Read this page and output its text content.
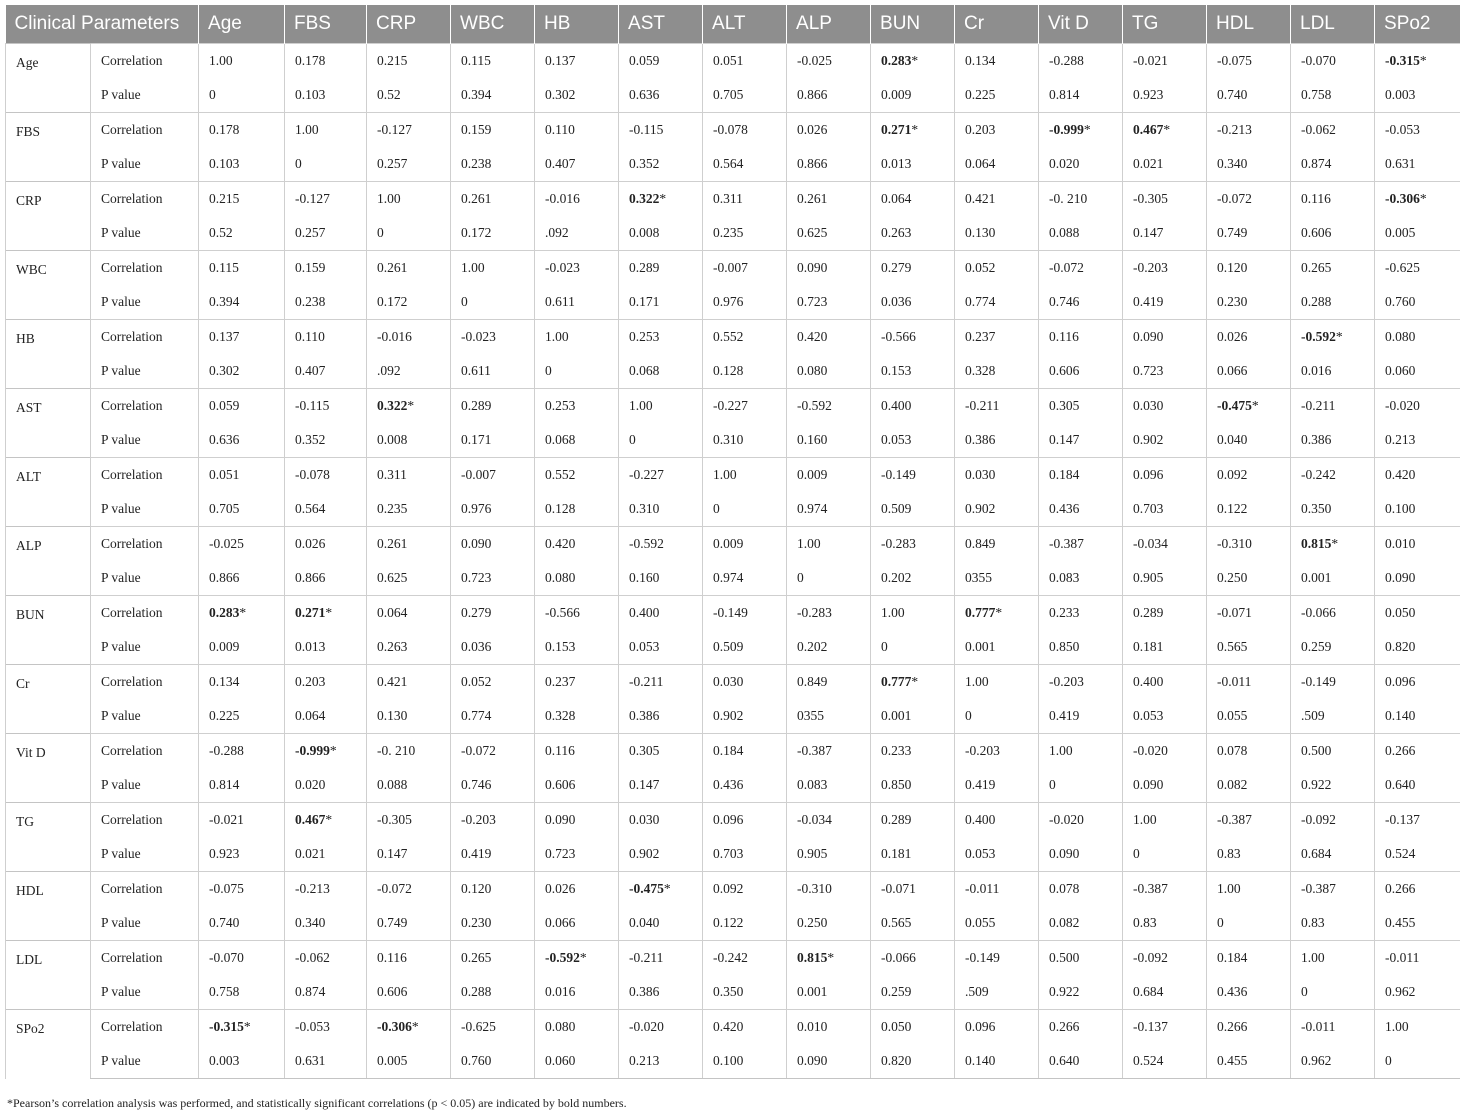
Clinical Parameters		Age	FBS	CRP	WBC	HB	AST	ALT	ALP	BUN	Cr	Vit D	TG	HDL	LDL	SPo2
Age	Correlation	1.00	0.178	0.215	0.115	0.137	0.059	0.051	-0.025	0.283*	0.134	-0.288	-0.021	-0.075	-0.070	-0.315*
	P value	0	0.103	0.52	0.394	0.302	0.636	0.705	0.866	0.009	0.225	0.814	0.923	0.740	0.758	0.003
FBS	Correlation	0.178	1.00	-0.127	0.159	0.110	-0.115	-0.078	0.026	0.271*	0.203	-0.999*	0.467*	-0.213	-0.062	-0.053
	P value	0.103	0	0.257	0.238	0.407	0.352	0.564	0.866	0.013	0.064	0.020	0.021	0.340	0.874	0.631
CRP	Correlation	0.215	-0.127	1.00	0.261	-0.016	0.322*	0.311	0.261	0.064	0.421	-0. 210	-0.305	-0.072	0.116	-0.306*
	P value	0.52	0.257	0	0.172	.092	0.008	0.235	0.625	0.263	0.130	0.088	0.147	0.749	0.606	0.005
WBC	Correlation	0.115	0.159	0.261	1.00	-0.023	0.289	-0.007	0.090	0.279	0.052	-0.072	-0.203	0.120	0.265	-0.625
	P value	0.394	0.238	0.172	0	0.611	0.171	0.976	0.723	0.036	0.774	0.746	0.419	0.230	0.288	0.760
HB	Correlation	0.137	0.110	-0.016	-0.023	1.00	0.253	0.552	0.420	-0.566	0.237	0.116	0.090	0.026	-0.592*	0.080
	P value	0.302	0.407	.092	0.611	0	0.068	0.128	0.080	0.153	0.328	0.606	0.723	0.066	0.016	0.060
AST	Correlation	0.059	-0.115	0.322*	0.289	0.253	1.00	-0.227	-0.592	0.400	-0.211	0.305	0.030	-0.475*	-0.211	-0.020
	P value	0.636	0.352	0.008	0.171	0.068	0	0.310	0.160	0.053	0.386	0.147	0.902	0.040	0.386	0.213
ALT	Correlation	0.051	-0.078	0.311	-0.007	0.552	-0.227	1.00	0.009	-0.149	0.030	0.184	0.096	0.092	-0.242	0.420
	P value	0.705	0.564	0.235	0.976	0.128	0.310	0	0.974	0.509	0.902	0.436	0.703	0.122	0.350	0.100
ALP	Correlation	-0.025	0.026	0.261	0.090	0.420	-0.592	0.009	1.00	-0.283	0.849	-0.387	-0.034	-0.310	0.815*	0.010
	P value	0.866	0.866	0.625	0.723	0.080	0.160	0.974	0	0.202	0355	0.083	0.905	0.250	0.001	0.090
BUN	Correlation	0.283*	0.271*	0.064	0.279	-0.566	0.400	-0.149	-0.283	1.00	0.777*	0.233	0.289	-0.071	-0.066	0.050
	P value	0.009	0.013	0.263	0.036	0.153	0.053	0.509	0.202	0	0.001	0.850	0.181	0.565	0.259	0.820
Cr	Correlation	0.134	0.203	0.421	0.052	0.237	-0.211	0.030	0.849	0.777*	1.00	-0.203	0.400	-0.011	-0.149	0.096
	P value	0.225	0.064	0.130	0.774	0.328	0.386	0.902	0355	0.001	0	0.419	0.053	0.055	.509	0.140
Vit D	Correlation	-0.288	-0.999*	-0. 210	-0.072	0.116	0.305	0.184	-0.387	0.233	-0.203	1.00	-0.020	0.078	0.500	0.266
	P value	0.814	0.020	0.088	0.746	0.606	0.147	0.436	0.083	0.850	0.419	0	0.090	0.082	0.922	0.640
TG	Correlation	-0.021	0.467*	-0.305	-0.203	0.090	0.030	0.096	-0.034	0.289	0.400	-0.020	1.00	-0.387	-0.092	-0.137
	P value	0.923	0.021	0.147	0.419	0.723	0.902	0.703	0.905	0.181	0.053	0.090	0	0.83	0.684	0.524
HDL	Correlation	-0.075	-0.213	-0.072	0.120	0.026	-0.475*	0.092	-0.310	-0.071	-0.011	0.078	-0.387	1.00	-0.387	0.266
	P value	0.740	0.340	0.749	0.230	0.066	0.040	0.122	0.250	0.565	0.055	0.082	0.83	0	0.83	0.455
LDL	Correlation	-0.070	-0.062	0.116	0.265	-0.592*	-0.211	-0.242	0.815*	-0.066	-0.149	0.500	-0.092	0.184	1.00	-0.011
	P value	0.758	0.874	0.606	0.288	0.016	0.386	0.350	0.001	0.259	.509	0.922	0.684	0.436	0	0.962
SPo2	Correlation	-0.315*	-0.053	-0.306*	-0.625	0.080	-0.020	0.420	0.010	0.050	0.096	0.266	-0.137	0.266	-0.011	1.00
	P value	0.003	0.631	0.005	0.760	0.060	0.213	0.100	0.090	0.820	0.140	0.640	0.524	0.455	0.962	0
*Pearson’s correlation analysis was performed, and statistically significant correlations (p < 0.05) are indicated by bold numbers.
